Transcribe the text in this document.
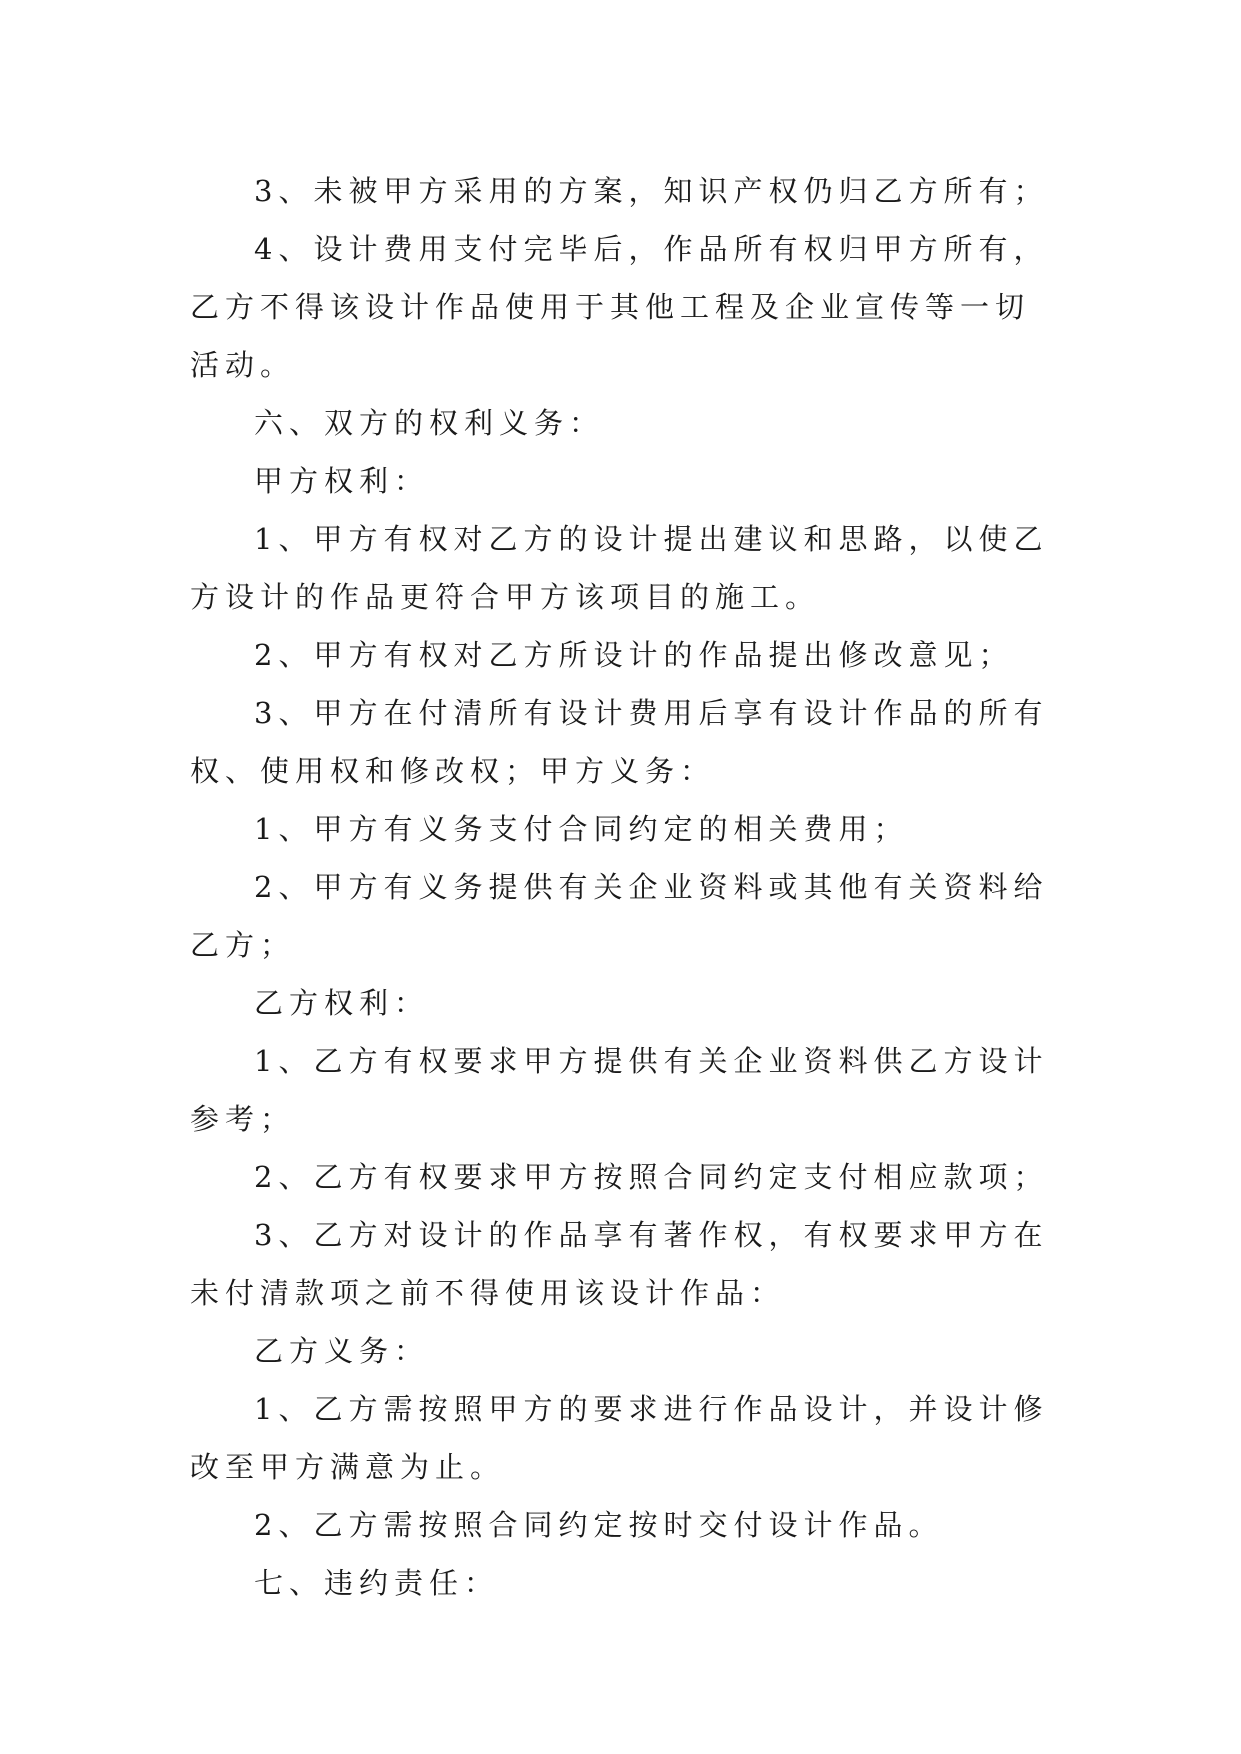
3、未被甲方采用的方案，知识产权仍归乙方所有；

4、设计费用支付完毕后，作品所有权归甲方所有，乙方不得该设计作品使用于其他工程及企业宣传等一切活动。

六、双方的权利义务：

甲方权利：

1、甲方有权对乙方的设计提出建议和思路，以使乙方设计的作品更符合甲方该项目的施工。

2、甲方有权对乙方所设计的作品提出修改意见；

3、甲方在付清所有设计费用后享有设计作品的所有权、使用权和修改权；甲方义务：

1、甲方有义务支付合同约定的相关费用；

2、甲方有义务提供有关企业资料或其他有关资料给乙方；

乙方权利：

1、乙方有权要求甲方提供有关企业资料供乙方设计参考；

2、乙方有权要求甲方按照合同约定支付相应款项；

3、乙方对设计的作品享有著作权，有权要求甲方在未付清款项之前不得使用该设计作品：

乙方义务：

1、乙方需按照甲方的要求进行作品设计，并设计修改至甲方满意为止。

2、乙方需按照合同约定按时交付设计作品。

七、违约责任：
